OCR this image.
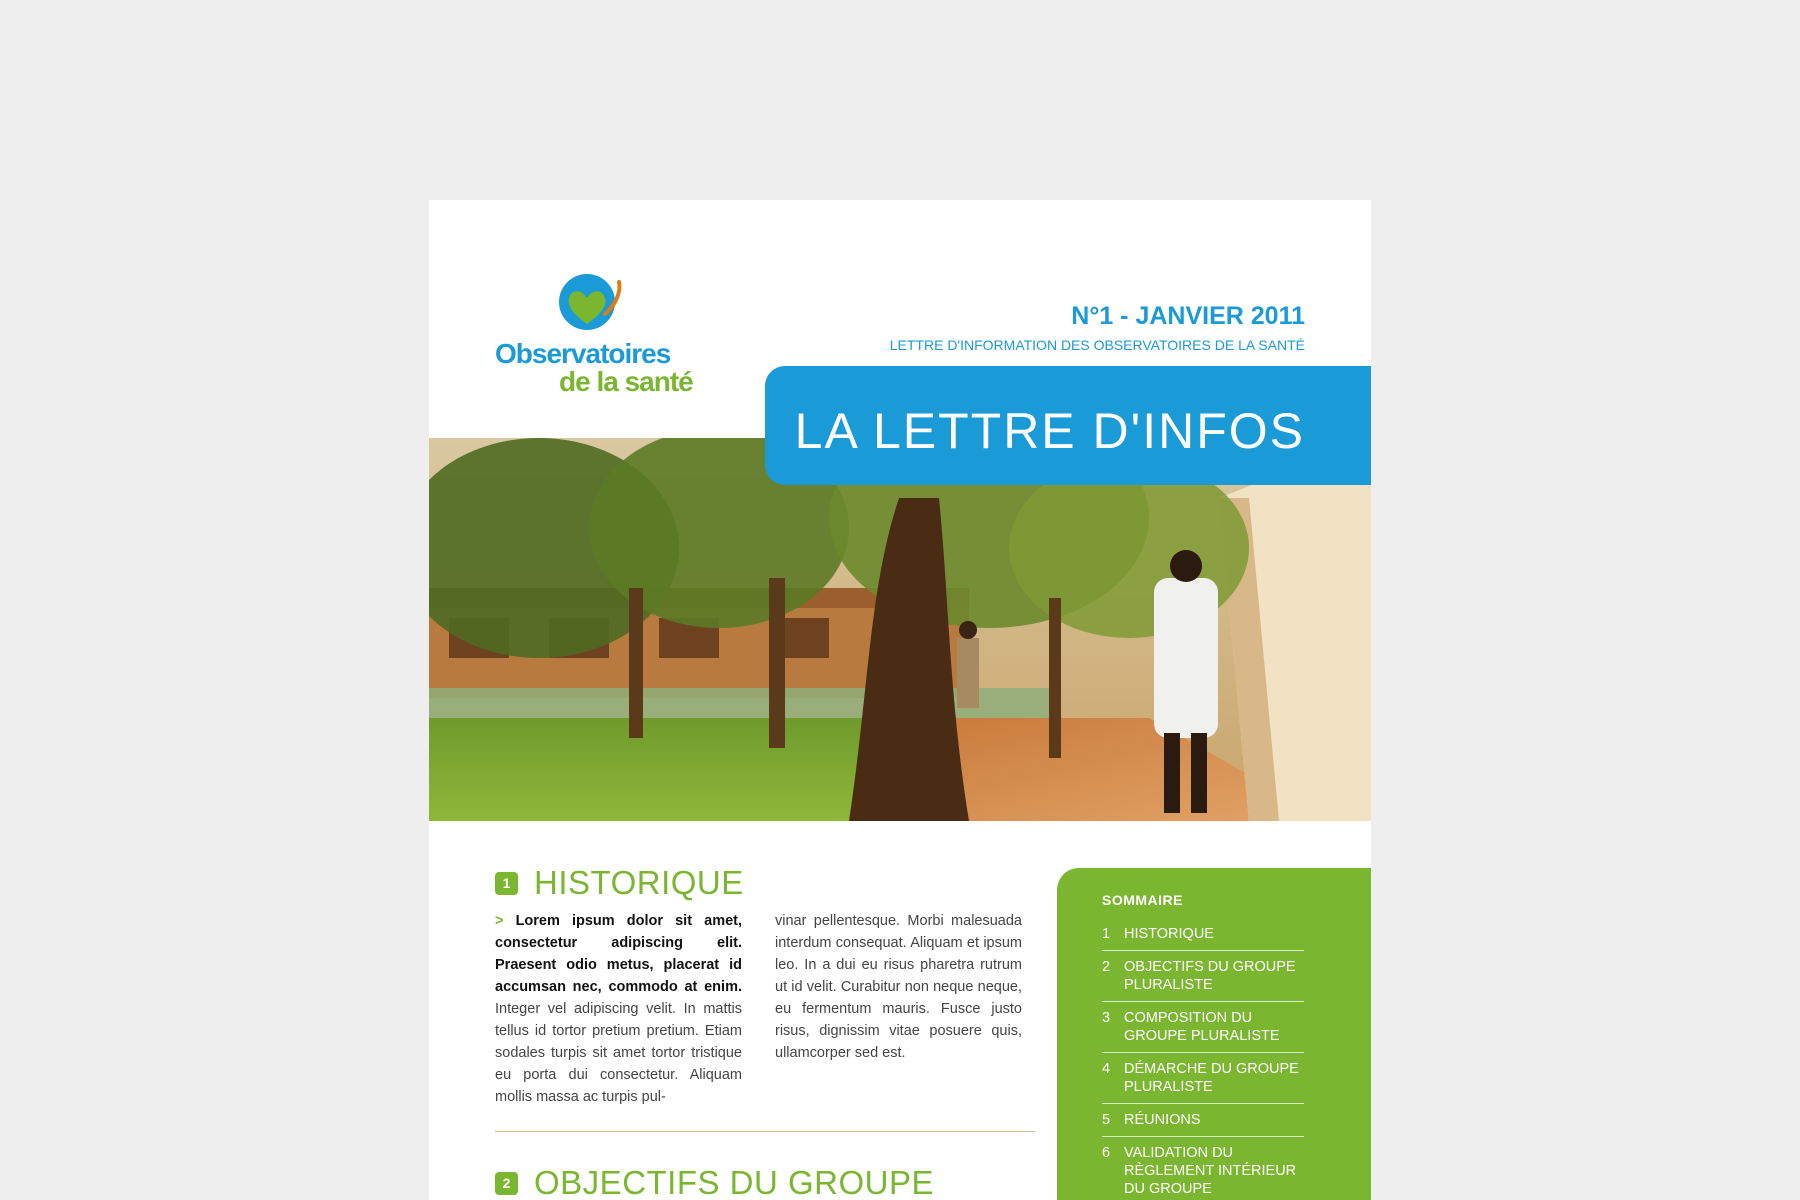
Observatoires
de la santé
N°1 - JANVIER 2011
LETTRE D'INFORMATION DES OBSERVATOIRES DE LA SANTÉ
LA LETTRE D'INFOS
1 HISTORIQUE
> Lorem ipsum dolor sit amet, consectetur adipiscing elit. Praesent odio metus, placerat id accumsan nec, commodo at enim. Integer vel adipiscing velit. In mattis tellus id tortor pretium pretium. Etiam sodales turpis sit amet tortor tristique eu porta dui consectetur. Aliquam mollis massa ac turpis pul-
vinar pellentesque. Morbi malesuada interdum consequat. Aliquam et ipsum leo. In a dui eu risus pharetra rutrum ut id velit. Curabitur non neque neque, eu fermentum mauris. Fusce justo risus, dignissim vitae posuere quis, ullamcorper sed est.
2 OBJECTIFS DU GROUPE
SOMMAIRE
1 HISTORIQUE
2 OBJECTIFS DU GROUPE PLURALISTE
3 COMPOSITION DU GROUPE PLURALISTE
4 DÉMARCHE DU GROUPE PLURALISTE
5 RÉUNIONS
6 VALIDATION DU RÈGLEMENT INTÉRIEUR DU GROUPE
